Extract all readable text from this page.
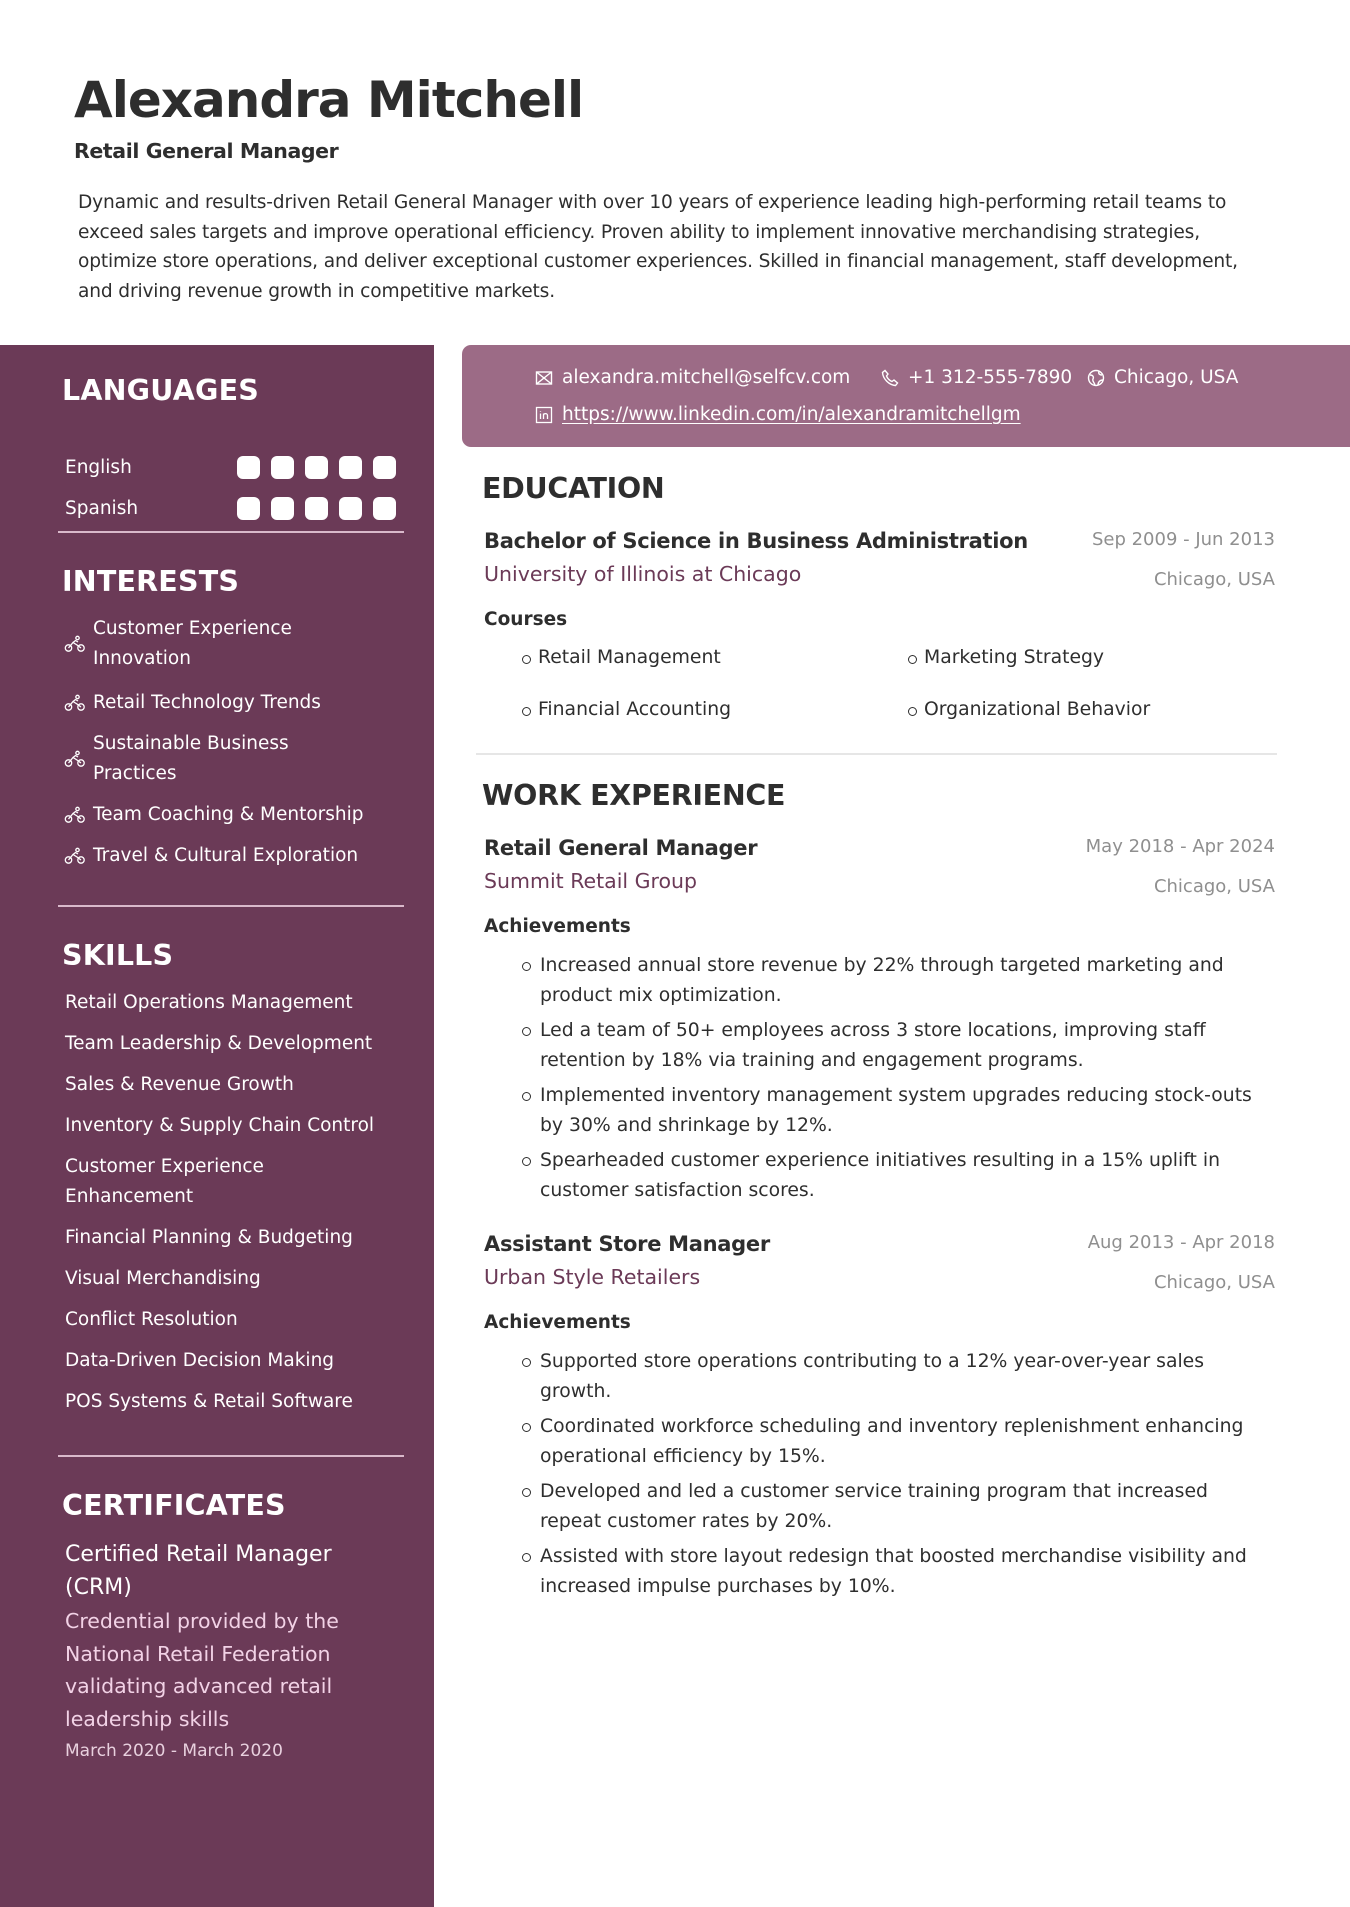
Alexandra Mitchell
Retail General Manager

Dynamic and results-driven Retail General Manager with over 10 years of experience leading high-performing retail teams to exceed sales targets and improve operational efficiency. Proven ability to implement innovative merchandising strategies, optimize store operations, and deliver exceptional customer experiences. Skilled in financial management, staff development, and driving revenue growth in competitive markets.

LANGUAGES
English
Spanish
INTERESTS
Customer Experience Innovation
Retail Technology Trends
Sustainable Business Practices
Team Coaching & Mentorship
Travel & Cultural Exploration
SKILLS
Retail Operations Management
Team Leadership & Development
Sales & Revenue Growth
Inventory & Supply Chain Control
Customer Experience Enhancement
Financial Planning & Budgeting
Visual Merchandising
Conflict Resolution
Data-Driven Decision Making
POS Systems & Retail Software
CERTIFICATES
Certified Retail Manager (CRM)
Credential provided by the National Retail Federation validating advanced retail leadership skills
March 2020 - March 2020
alexandra.mitchell@selfcv.com	+1 312-555-7890 Chicago, USA
https://www.linkedin.com/in/alexandramitchellgm
EDUCATION
Bachelor of Science in Business Administration	Sep 2009 - Jun 2013
University of Illinois at Chicago	Chicago, USA
Courses
Retail Management	Marketing Strategy
Financial Accounting	Organizational Behavior
WORK EXPERIENCE
Retail General Manager	May 2018 - Apr 2024
Summit Retail Group	Chicago, USA
Achievements
Increased annual store revenue by 22% through targeted marketing and product mix optimization.
Led a team of 50+ employees across 3 store locations, improving staff retention by 18% via training and engagement programs.
Implemented inventory management system upgrades reducing stock-outs by 30% and shrinkage by 12%.
Spearheaded customer experience initiatives resulting in a 15% uplift in customer satisfaction scores.
Assistant Store Manager	Aug 2013 - Apr 2018
Urban Style Retailers	Chicago, USA
Achievements
Supported store operations contributing to a 12% year-over-year sales growth.
Coordinated workforce scheduling and inventory replenishment enhancing operational efficiency by 15%.
Developed and led a customer service training program that increased repeat customer rates by 20%.
Assisted with store layout redesign that boosted merchandise visibility and increased impulse purchases by 10%.
